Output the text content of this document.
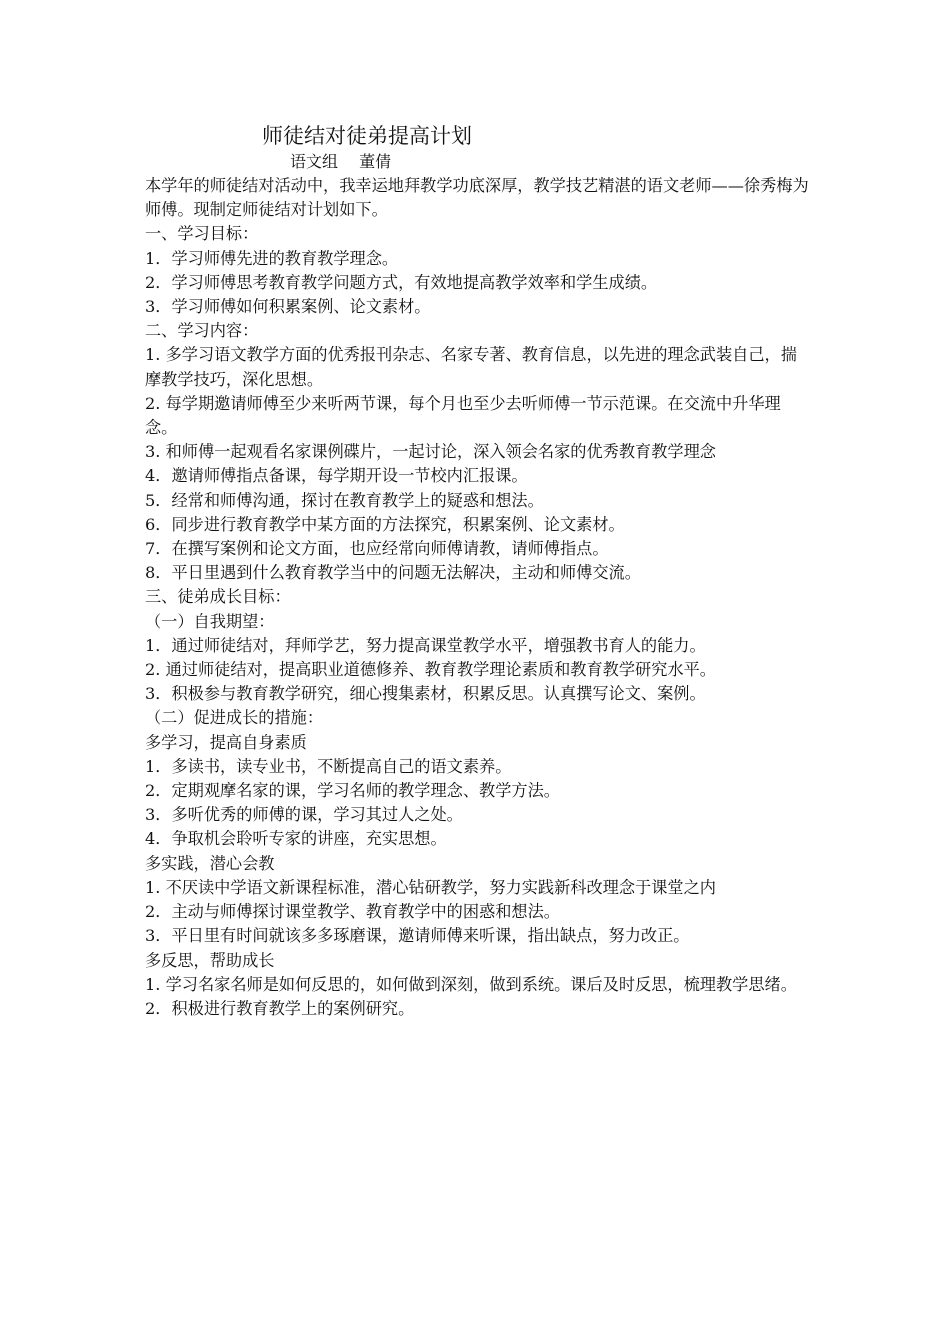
师徒结对徒弟提高计划
语文组　 董倩

本学年的师徒结对活动中，我幸运地拜教学功底深厚，教学技艺精湛的语文老师——徐秀梅为师傅。现制定师徒结对计划如下。

一、学习目标：

1．学习师傅先进的教育教学理念。

2．学习师傅思考教育教学问题方式，有效地提高教学效率和学生成绩。

3．学习师傅如何积累案例、论文素材。

二、学习内容：

1. 多学习语文教学方面的优秀报刊杂志、名家专著、教育信息，以先进的理念武装自己，揣摩教学技巧，深化思想。

2. 每学期邀请师傅至少来听两节课，每个月也至少去听师傅一节示范课。在交流中升华理念。

3. 和师傅一起观看名家课例碟片，一起讨论，深入领会名家的优秀教育教学理念

4．邀请师傅指点备课，每学期开设一节校内汇报课。

5．经常和师傅沟通，探讨在教育教学上的疑惑和想法。

6．同步进行教育教学中某方面的方法探究，积累案例、论文素材。

7．在撰写案例和论文方面，也应经常向师傅请教，请师傅指点。

8．平日里遇到什么教育教学当中的问题无法解决，主动和师傅交流。

三、徒弟成长目标：

（一）自我期望：

1．通过师徒结对，拜师学艺，努力提高课堂教学水平，增强教书育人的能力。

2. 通过师徒结对，提高职业道德修养、教育教学理论素质和教育教学研究水平。

3．积极参与教育教学研究，细心搜集素材，积累反思。认真撰写论文、案例。

（二）促进成长的措施：

多学习，提高自身素质

1．多读书，读专业书，不断提高自己的语文素养。

2．定期观摩名家的课，学习名师的教学理念、教学方法。

3．多听优秀的师傅的课，学习其过人之处。

4．争取机会聆听专家的讲座，充实思想。

多实践，潜心会教

1. 不厌读中学语文新课程标准，潜心钻研教学，努力实践新科改理念于课堂之内

2．主动与师傅探讨课堂教学、教育教学中的困惑和想法。

3．平日里有时间就该多多琢磨课，邀请师傅来听课，指出缺点，努力改正。

多反思，帮助成长

1. 学习名家名师是如何反思的，如何做到深刻，做到系统。课后及时反思，梳理教学思绪。

2．积极进行教育教学上的案例研究。
